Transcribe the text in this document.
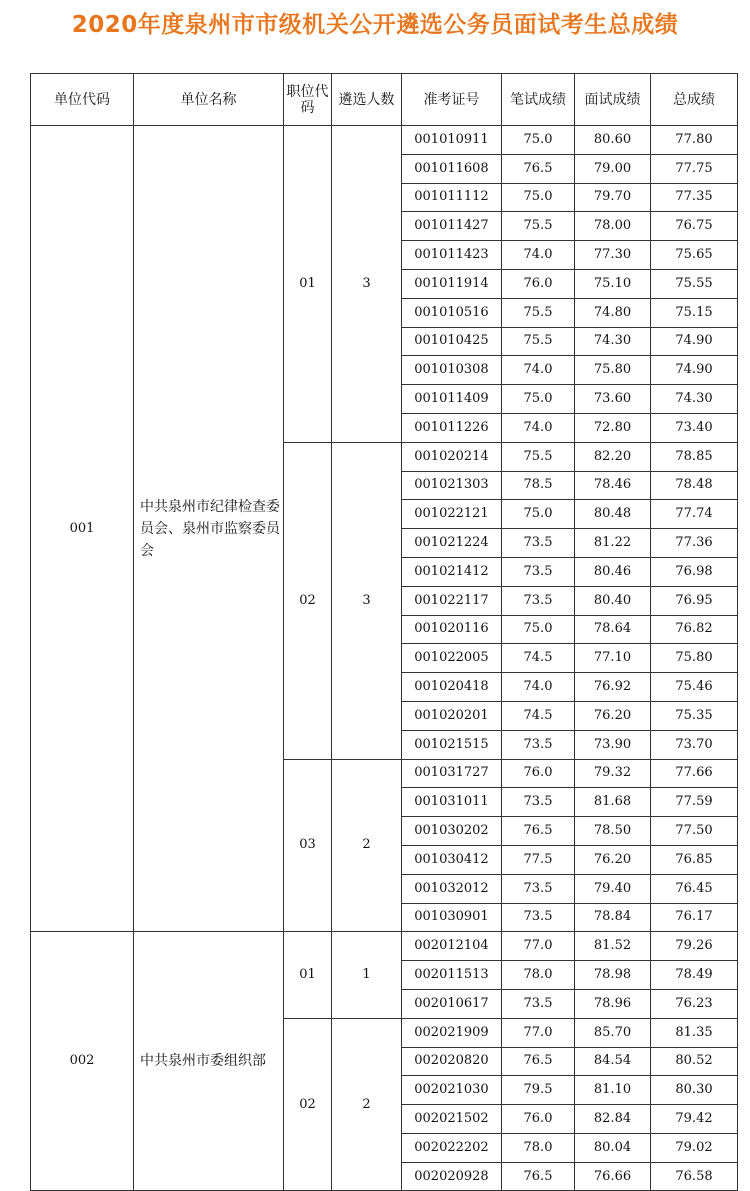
2020年度泉州市市级机关公开遴选公务员面试考生总成绩
单位代码	单位名称	职位代码	遴选人数	准考证号	笔试成绩	面试成绩	总成绩
001	中共泉州市纪律检查委员会、泉州市监察委员会	01	3	001010911	75.0	80.60	77.80
				001011608	76.5	79.00	77.75
				001011112	75.0	79.70	77.35
				001011427	75.5	78.00	76.75
				001011423	74.0	77.30	75.65
				001011914	76.0	75.10	75.55
				001010516	75.5	74.80	75.15
				001010425	75.5	74.30	74.90
				001010308	74.0	75.80	74.90
				001011409	75.0	73.60	74.30
				001011226	74.0	72.80	73.40
		02	3	001020214	75.5	82.20	78.85
				001021303	78.5	78.46	78.48
				001022121	75.0	80.48	77.74
				001021224	73.5	81.22	77.36
				001021412	73.5	80.46	76.98
				001022117	73.5	80.40	76.95
				001020116	75.0	78.64	76.82
				001022005	74.5	77.10	75.80
				001020418	74.0	76.92	75.46
				001020201	74.5	76.20	75.35
				001021515	73.5	73.90	73.70
		03	2	001031727	76.0	79.32	77.66
				001031011	73.5	81.68	77.59
				001030202	76.5	78.50	77.50
				001030412	77.5	76.20	76.85
				001032012	73.5	79.40	76.45
				001030901	73.5	78.84	76.17
002	中共泉州市委组织部	01	1	002012104	77.0	81.52	79.26
				002011513	78.0	78.98	78.49
				002010617	73.5	78.96	76.23
		02	2	002021909	77.0	85.70	81.35
				002020820	76.5	84.54	80.52
				002021030	79.5	81.10	80.30
				002021502	76.0	82.84	79.42
				002022202	78.0	80.04	79.02
				002020928	76.5	76.66	76.58
